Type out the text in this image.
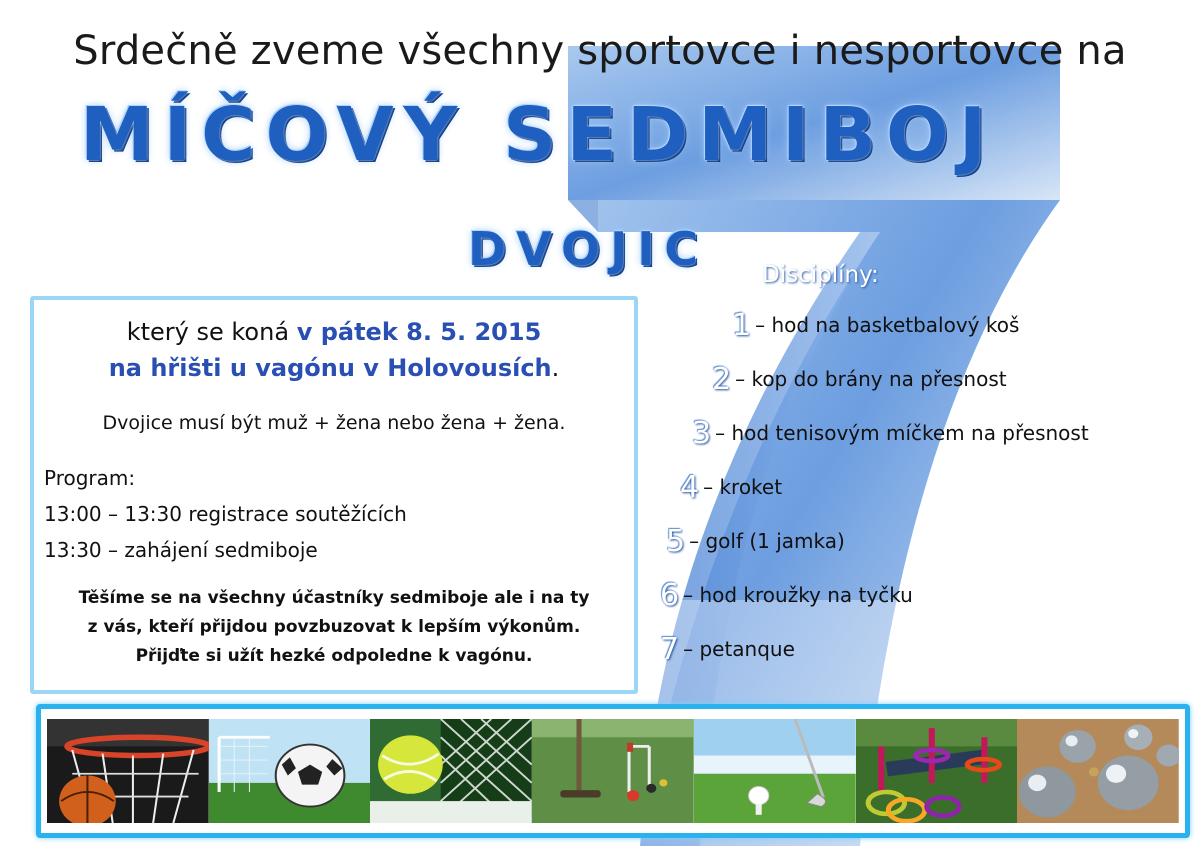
Srdečně zveme všechny sportovce i nesportovce na
MÍČOVÝ SEDMIBOJ
DVOJIC
který se koná v pátek 8. 5. 2015
na hřišti u vagónu v Holovousích.
Dvojice musí být muž + žena nebo žena + žena.
Program:
13:00 – 13:30 registrace soutěžících
13:30 – zahájení sedmiboje
Těšíme se na všechny účastníky sedmiboje ale i na ty
z vás, kteří přijdou povzbuzovat k lepším výkonům.
Přijďte si užít hezké odpoledne k vagónu.
Disciplíny:
1 – hod na basketbalový koš
2 – kop do brány na přesnost
3 – hod tenisovým míčkem na přesnost
4 – kroket
5 – golf (1 jamka)
6 – hod kroužky na tyčku
7 – petanque
